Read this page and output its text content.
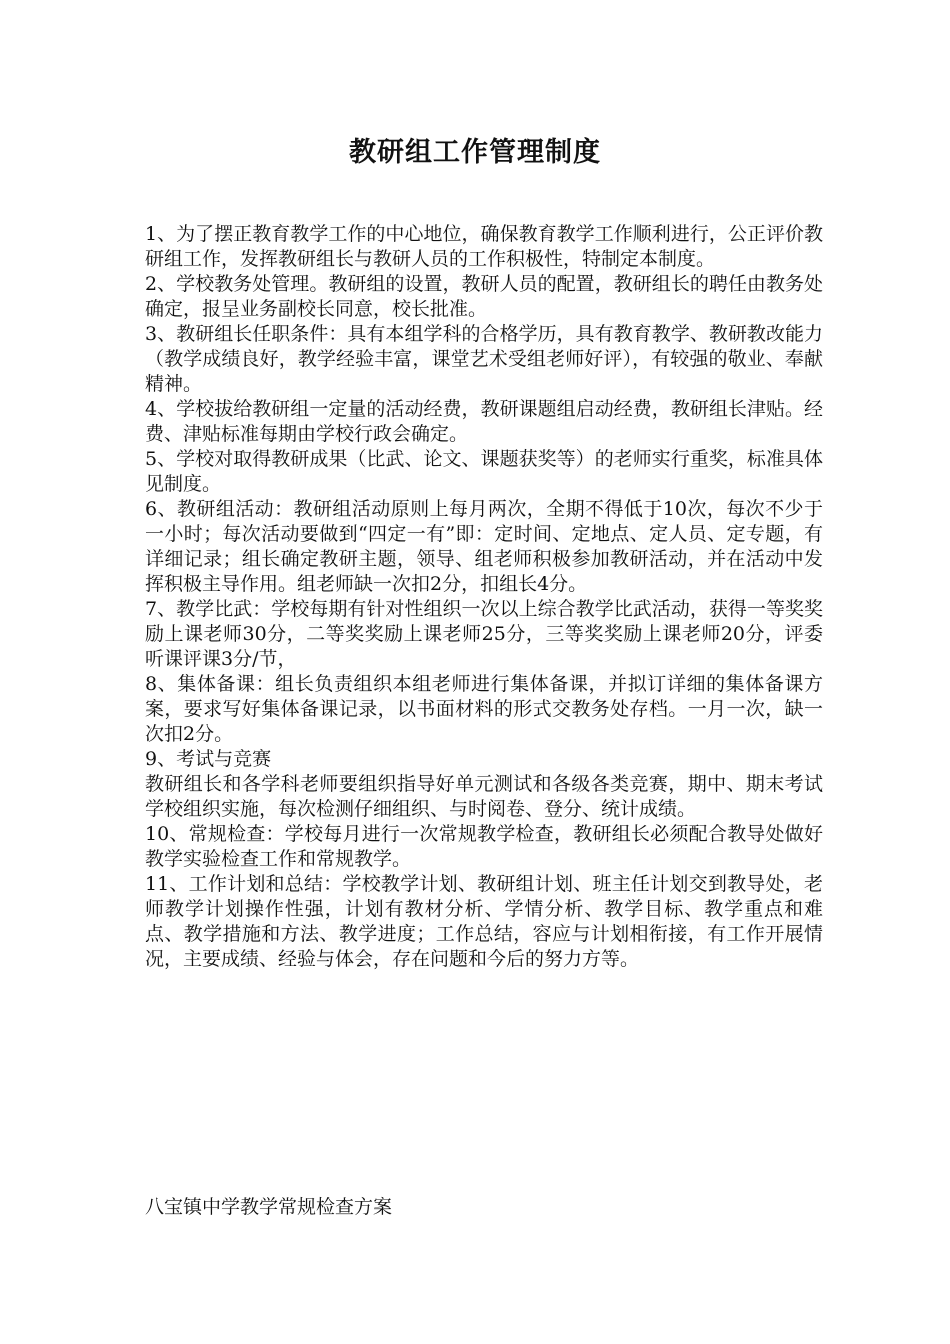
教研组工作管理制度

1、为了摆正教育教学工作的中心地位，确保教育教学工作顺利进行，公正评价教研组工作，发挥教研组长与教研人员的工作积极性，特制定本制度。

2、学校教务处管理。教研组的设置，教研人员的配置，教研组长的聘任由教务处确定，报呈业务副校长同意，校长批准。

3、教研组长任职条件：具有本组学科的合格学历，具有教育教学、教研教改能力（教学成绩良好，教学经验丰富，课堂艺术受组老师好评），有较强的敬业、奉献精神。

4、学校拔给教研组一定量的活动经费，教研课题组启动经费，教研组长津贴。经费、津贴标准每期由学校行政会确定。

5、学校对取得教研成果（比武、论文、课题获奖等）的老师实行重奖，标准具体见制度。

6、教研组活动：教研组活动原则上每月两次，全期不得低于10次，每次不少于一小时；每次活动要做到“四定一有”即：定时间、定地点、定人员、定专题，有详细记录；组长确定教研主题，领导、组老师积极参加教研活动，并在活动中发挥积极主导作用。组老师缺一次扣2分，扣组长4分。

7、教学比武：学校每期有针对性组织一次以上综合教学比武活动，获得一等奖奖励上课老师30分，二等奖奖励上课老师25分，三等奖奖励上课老师20分，评委听课评课3分/节，

8、集体备课：组长负责组织本组老师进行集体备课，并拟订详细的集体备课方案，要求写好集体备课记录，以书面材料的形式交教务处存档。一月一次，缺一次扣2分。

9、考试与竞赛

教研组长和各学科老师要组织指导好单元测试和各级各类竞赛，期中、期末考试学校组织实施，每次检测仔细组织、与时阅卷、登分、统计成绩。

10、常规检查：学校每月进行一次常规教学检查，教研组长必须配合教导处做好教学实验检查工作和常规教学。

11、工作计划和总结：学校教学计划、教研组计划、班主任计划交到教导处，老师教学计划操作性强，计划有教材分析、学情分析、教学目标、教学重点和难点、教学措施和方法、教学进度；工作总结，容应与计划相衔接，有工作开展情况，主要成绩、经验与体会，存在问题和今后的努力方等。

八宝镇中学教学常规检查方案
